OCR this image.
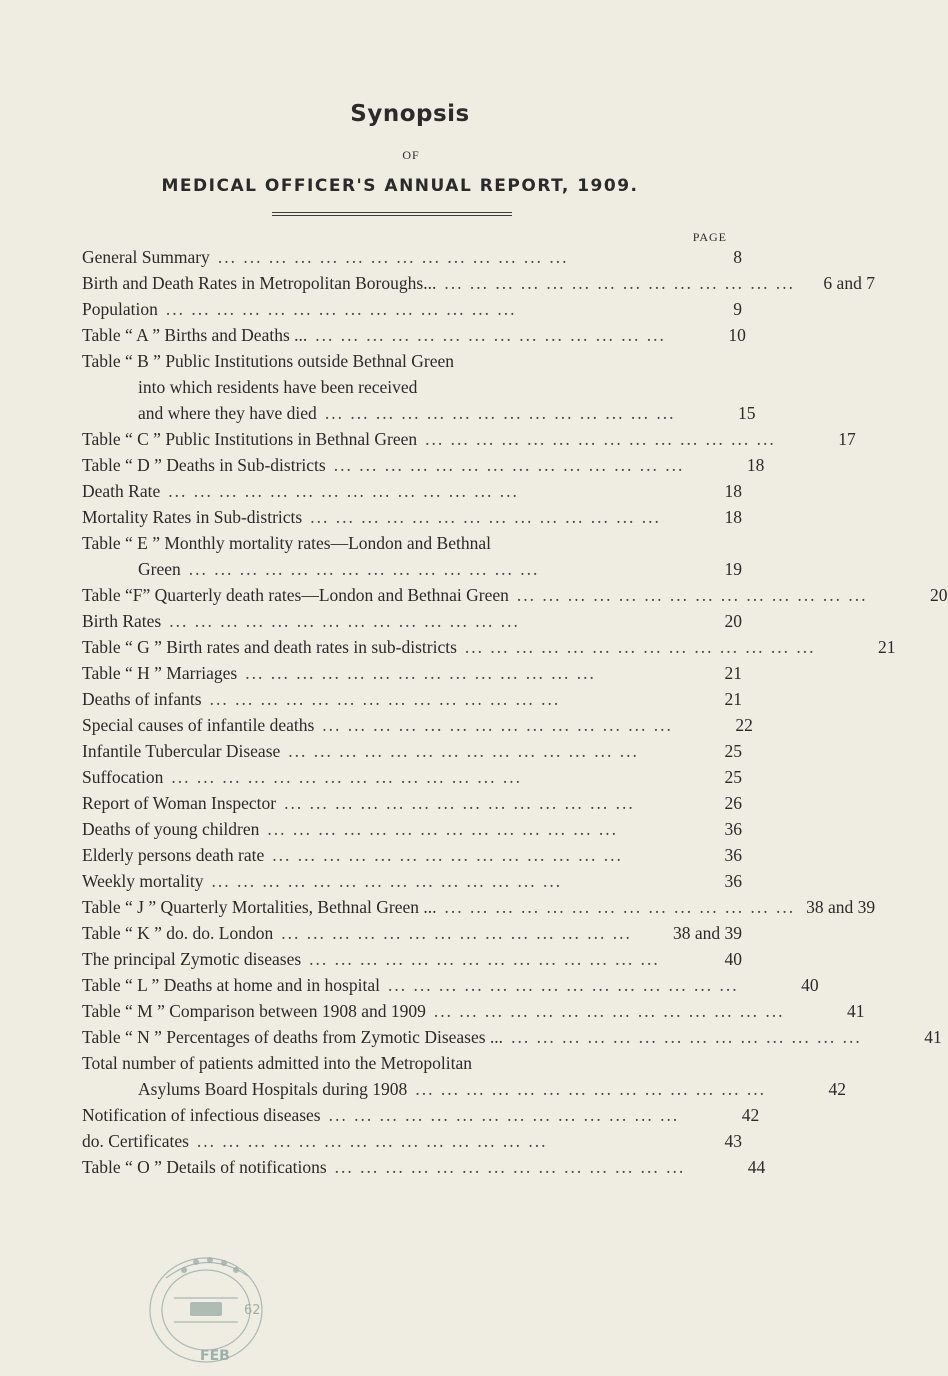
Synopsis
OF
MEDICAL OFFICER'S ANNUAL REPORT, 1909.
PAGE
General Summary ... ... ... ... ... ... ... ... ... ... ... ... ... ...	8
Birth and Death Rates in Metropolitan Boroughs... ... ... ... ... ... ... ... ... ... ... ... ... ... ...	6 and 7
Population ... ... ... ... ... ... ... ... ... ... ... ... ... ...	9
Table “ A ” Births and Deaths ... ... ... ... ... ... ... ... ... ... ... ... ... ... ...	10
Table “ B ” Public Institutions outside Bethnal Green
into which residents have been received
and where they have died ... ... ... ... ... ... ... ... ... ... ... ... ... ...	15
Table “ C ” Public Institutions in Bethnal Green ... ... ... ... ... ... ... ... ... ... ... ... ... ...	17
Table “ D ” Deaths in Sub-districts ... ... ... ... ... ... ... ... ... ... ... ... ... ...	18
Death Rate ... ... ... ... ... ... ... ... ... ... ... ... ... ...	18
Mortality Rates in Sub-districts ... ... ... ... ... ... ... ... ... ... ... ... ... ...	18
Table “ E ” Monthly mortality rates—London and Bethnal
Green ... ... ... ... ... ... ... ... ... ... ... ... ... ...	19
Table “F” Quarterly death rates—London and Bethnai Green ... ... ... ... ... ... ... ... ... ... ... ... ... ...	20
Birth Rates ... ... ... ... ... ... ... ... ... ... ... ... ... ...	20
Table “ G ” Birth rates and death rates in sub-districts ... ... ... ... ... ... ... ... ... ... ... ... ... ...	21
Table “ H ” Marriages ... ... ... ... ... ... ... ... ... ... ... ... ... ...	21
Deaths of infants ... ... ... ... ... ... ... ... ... ... ... ... ... ...	21
Special causes of infantile deaths ... ... ... ... ... ... ... ... ... ... ... ... ... ...	22
Infantile Tubercular Disease ... ... ... ... ... ... ... ... ... ... ... ... ... ...	25
Suffocation ... ... ... ... ... ... ... ... ... ... ... ... ... ...	25
Report of Woman Inspector ... ... ... ... ... ... ... ... ... ... ... ... ... ...	26
Deaths of young children ... ... ... ... ... ... ... ... ... ... ... ... ... ...	36
Elderly persons death rate ... ... ... ... ... ... ... ... ... ... ... ... ... ...	36
Weekly mortality ... ... ... ... ... ... ... ... ... ... ... ... ... ...	36
Table “ J ” Quarterly Mortalities, Bethnal Green ... ... ... ... ... ... ... ... ... ... ... ... ... ... ... 38 and 39
Table “ K ” do. do. London ... ... ... ... ... ... ... ... ... ... ... ... ... ...	38 and 39
The principal Zymotic diseases ... ... ... ... ... ... ... ... ... ... ... ... ... ...	40
Table “ L ” Deaths at home and in hospital ... ... ... ... ... ... ... ... ... ... ... ... ... ...	40
Table “ M ” Comparison between 1908 and 1909 ... ... ... ... ... ... ... ... ... ... ... ... ... ...	41
Table “ N ” Percentages of deaths from Zymotic Diseases ... ... ... ... ... ... ... ... ... ... ... ... ... ... ...	41
Total number of patients admitted into the Metropolitan
Asylums Board Hospitals during 1908 ... ... ... ... ... ... ... ... ... ... ... ... ... ...	42
Notification of infectious diseases ... ... ... ... ... ... ... ... ... ... ... ... ... ...	42
do. Certificates ... ... ... ... ... ... ... ... ... ... ... ... ... ...	43
Table “ O ” Details of notifications ... ... ... ... ... ... ... ... ... ... ... ... ... ...	44
62
FEB
